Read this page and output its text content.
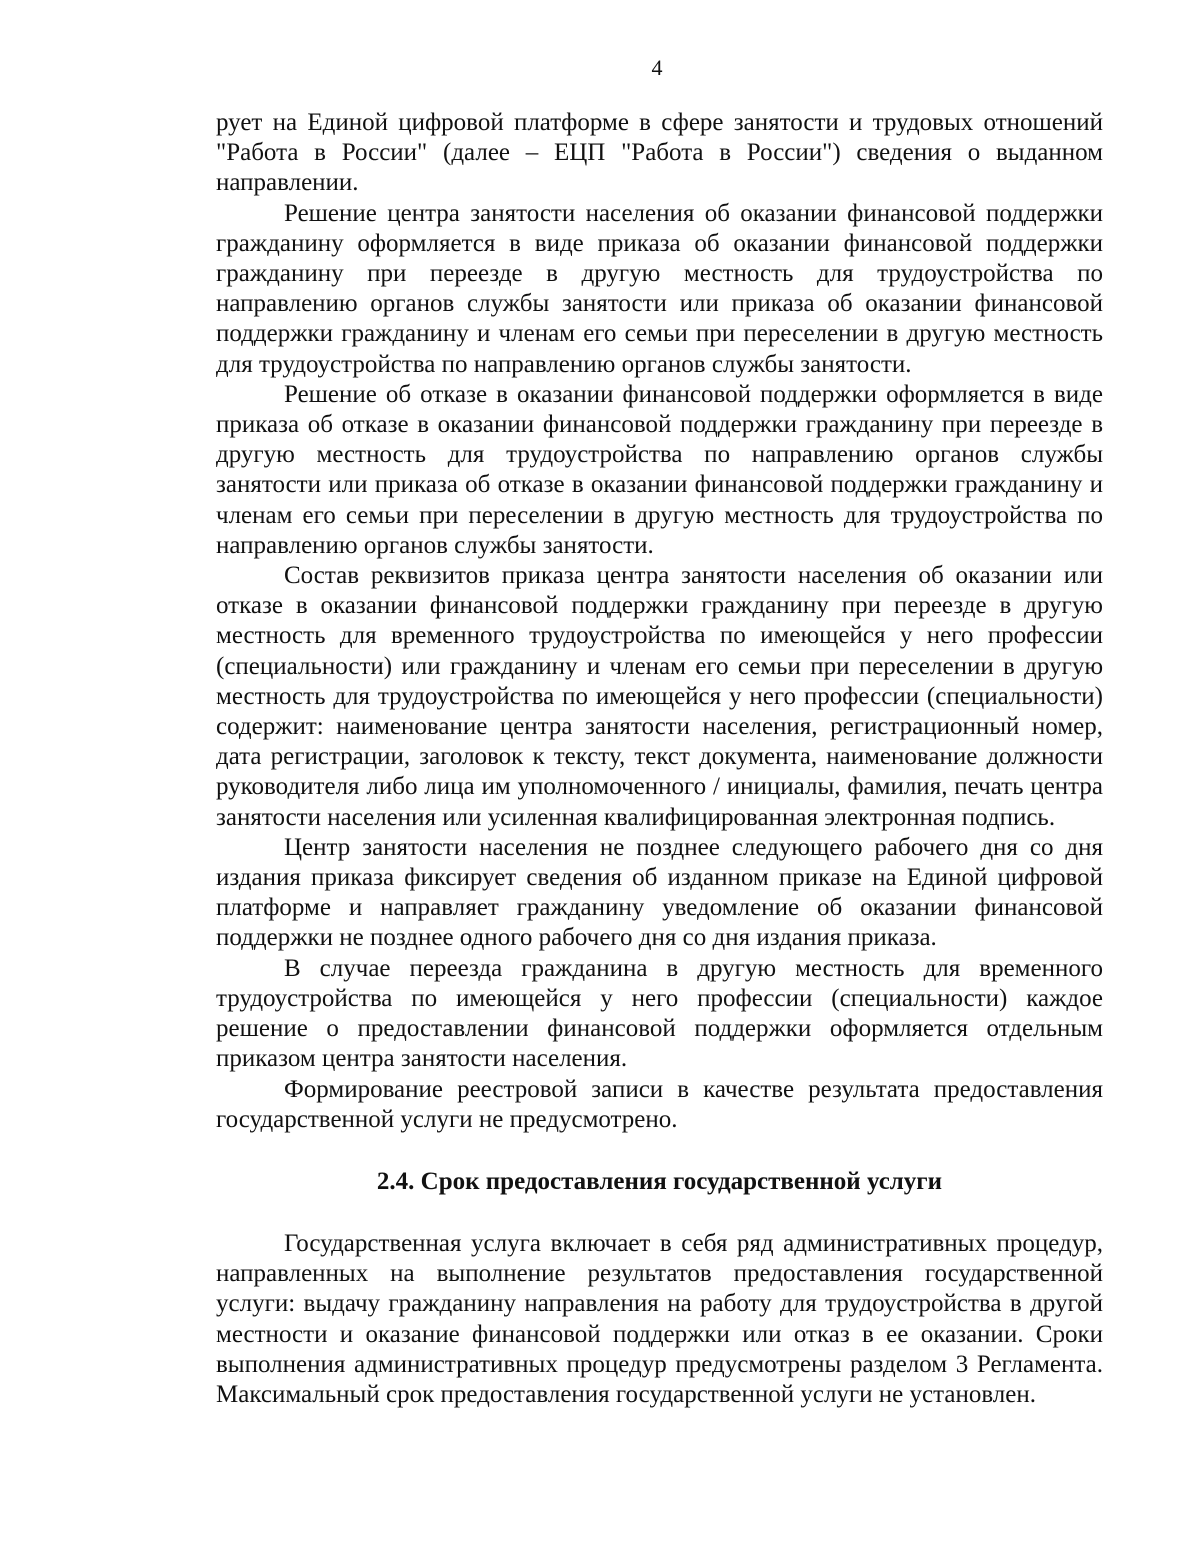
4

рует на Единой цифровой платформе в сфере занятости и трудовых отношений "Работа в России" (далее – ЕЦП "Работа в России") сведения о выданном направлении.

Решение центра занятости населения об оказании финансовой поддержки гражданину оформляется в виде приказа об оказании финансовой поддержки гражданину при переезде в другую местность для трудоустройства по направлению органов службы занятости или приказа об оказании финансовой поддержки гражданину и членам его семьи при переселении в другую местность для трудоустройства по направлению органов службы занятости.

Решение об отказе в оказании финансовой поддержки оформляется в виде приказа об отказе в оказании финансовой поддержки гражданину при переезде в другую местность для трудоустройства по направлению органов службы занятости или приказа об отказе в оказании финансовой поддержки гражданину и членам его семьи при переселении в другую местность для трудоустройства по направлению органов службы занятости.

Состав реквизитов приказа центра занятости населения об оказании или отказе в оказании финансовой поддержки гражданину при переезде в другую местность для временного трудоустройства по имеющейся у него профессии (специальности) или гражданину и членам его семьи при переселении в другую местность для трудоустройства по имеющейся у него профессии (специальности) содержит: наименование центра занятости населения, регистрационный номер, дата регистрации, заголовок к тексту, текст документа, наименование должности руководителя либо лица им уполномоченного / инициалы, фамилия, печать центра занятости населения или усиленная квалифицированная электронная подпись.

Центр занятости населения не позднее следующего рабочего дня со дня издания приказа фиксирует сведения об изданном приказе на Единой цифровой платформе и направляет гражданину уведомление об оказании финансовой поддержки не позднее одного рабочего дня со дня издания приказа.

В случае переезда гражданина в другую местность для временного трудоустройства по имеющейся у него профессии (специальности) каждое решение о предоставлении финансовой поддержки оформляется отдельным приказом центра занятости населения.

Формирование реестровой записи в качестве результата предоставления государственной услуги не предусмотрено.

2.4. Срок предоставления государственной услуги

Государственная услуга включает в себя ряд административных процедур, направленных на выполнение результатов предоставления государственной услуги: выдачу гражданину направления на работу для трудоустройства в другой местности и оказание финансовой поддержки или отказ в ее оказании. Сроки выполнения административных процедур предусмотрены разделом 3 Регламента. Максимальный срок предоставления государственной услуги не установлен.
